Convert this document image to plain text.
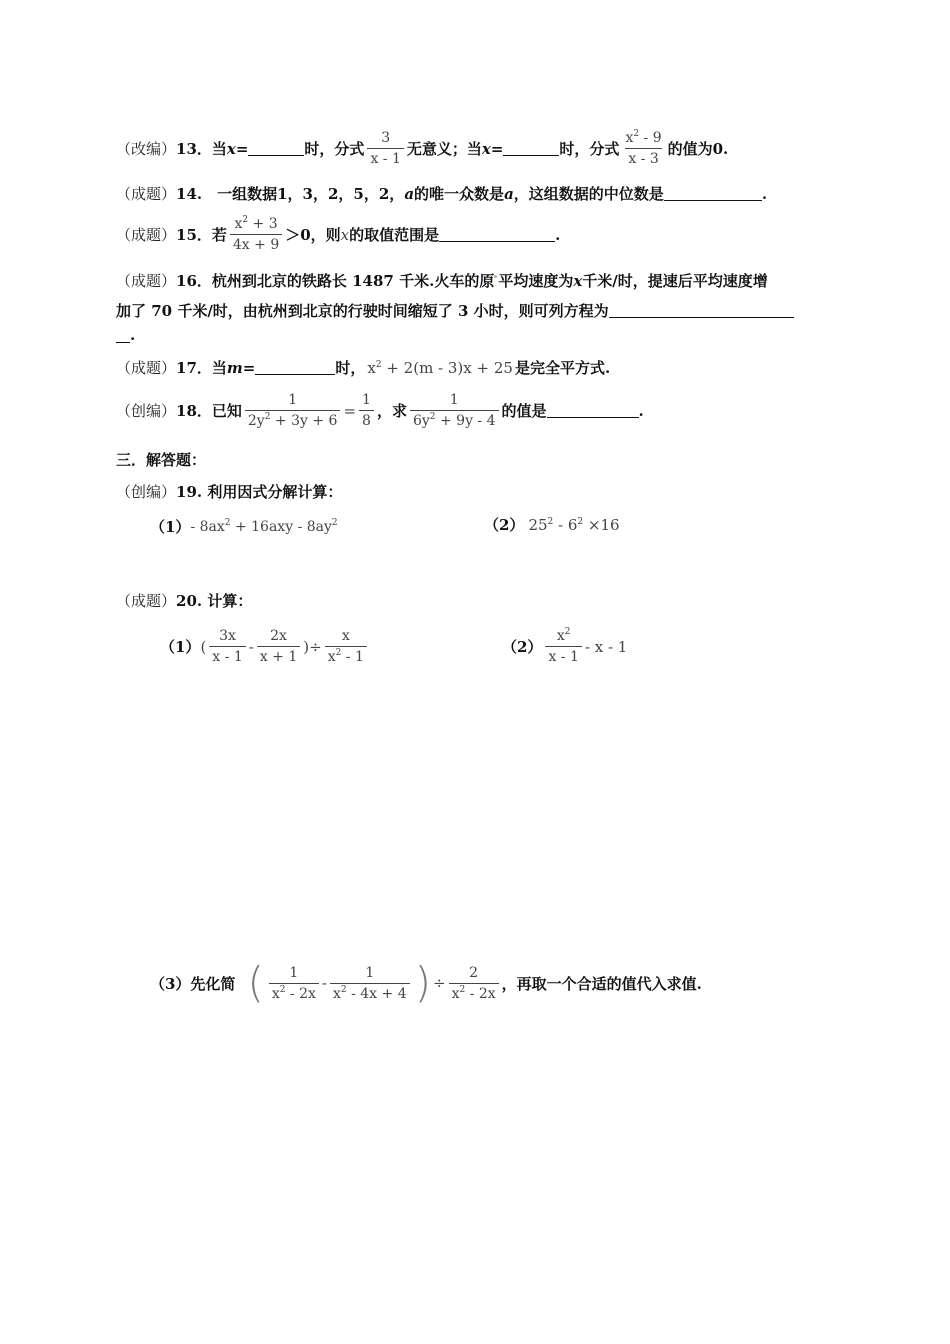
（改编） 13．当 x =	时，分式 $\frac{3}{x - 1}$ 无意义；当 x =	时，分式 $\frac{x^2 - 9}{x - 3}$ 的值为0.
（成题） 14.　一组数据1，3，2，5，2， a 的唯一众数是 a ，这组数据的中位数是	.
（成题） 15．若 $\frac{x^2 + 3}{4x + 9} >0$，则 x 的取值范围是	.
（成题） 16．杭州到北京的铁路长 1487 千米. 火车的原 平均速度为 x 千米/时，提速后平均速度增
加了 70 千米/时，由杭州到北京的行驶时间缩短了 3 小时，则可列方程为
.
（成题） 17．当 m =	时， $x^2 + 2(m - 3)x + 25$ 是完全平方式.
（创编） 18．已知 $\frac{1}{2y^2 + 3y + 6} = \frac{1}{8}$ ，求 $\frac{1}{6y^2 + 9y - 4}$ 的值是	.
三．解答题：
（创编） 19. 利用因式分解计算：
$(1) - 8ax^2 + 16axy - 8ay^2$	（2） $25^2 - 6^2 \times 16$
（成题） 20. 计算：
（1） ( $\frac{3x}{x - 1} - \frac{2x}{x + 1}$ ) ÷ $\frac{x}{x^2 - 1}$	$(2) \frac{x^2}{x - 1}$ - x - 1
（3）先化简 ( $\frac{1}{x^2 - 2x} - \frac{1}{x^2 - 4x + 4}$ ) ÷ $\frac{2}{x^2 - 2x}$ ，再取一个合适的值代入求值.
